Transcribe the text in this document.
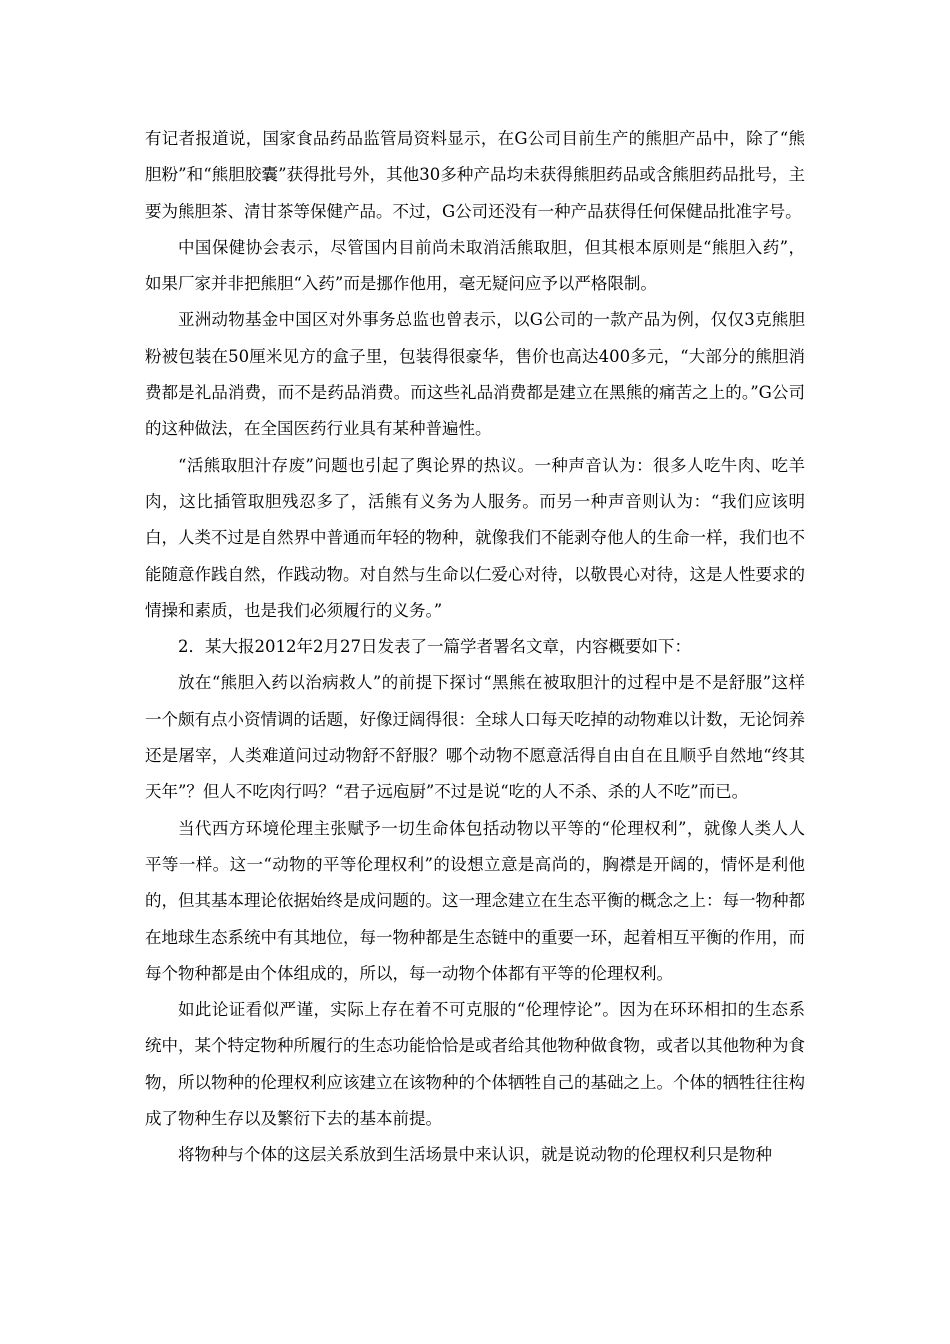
有记者报道说，国家食品药品监管局资料显示，在G公司目前生产的熊胆产品中，除了“熊胆粉”和“熊胆胶囊”获得批号外，其他30多种产品均未获得熊胆药品或含熊胆药品批号，主要为熊胆茶、清甘茶等保健产品。不过，G公司还没有一种产品获得任何保健品批准字号。

中国保健协会表示，尽管国内目前尚未取消活熊取胆，但其根本原则是“熊胆入药”，如果厂家并非把熊胆“入药”而是挪作他用，毫无疑问应予以严格限制。

亚洲动物基金中国区对外事务总监也曾表示，以G公司的一款产品为例，仅仅3克熊胆粉被包装在50厘米见方的盒子里，包装得很豪华，售价也高达400多元，“大部分的熊胆消费都是礼品消费，而不是药品消费。而这些礼品消费都是建立在黑熊的痛苦之上的。”G公司的这种做法，在全国医药行业具有某种普遍性。

“活熊取胆汁存废”问题也引起了舆论界的热议。一种声音认为：很多人吃牛肉、吃羊肉，这比插管取胆残忍多了，活熊有义务为人服务。而另一种声音则认为：“我们应该明白，人类不过是自然界中普通而年轻的物种，就像我们不能剥夺他人的生命一样，我们也不能随意作践自然，作践动物。对自然与生命以仁爱心对待，以敬畏心对待，这是人性要求的情操和素质，也是我们必须履行的义务。”

2．某大报2012年2月27日发表了一篇学者署名文章，内容概要如下：

放在“熊胆入药以治病救人”的前提下探讨“黑熊在被取胆汁的过程中是不是舒服”这样一个颇有点小资情调的话题，好像迂阔得很：全球人口每天吃掉的动物难以计数，无论饲养还是屠宰，人类难道问过动物舒不舒服？哪个动物不愿意活得自由自在且顺乎自然地“终其天年”？但人不吃肉行吗？“君子远庖厨”不过是说“吃的人不杀、杀的人不吃”而已。

当代西方环境伦理主张赋予一切生命体包括动物以平等的“伦理权利”，就像人类人人平等一样。这一“动物的平等伦理权利”的设想立意是高尚的，胸襟是开阔的，情怀是利他的，但其基本理论依据始终是成问题的。这一理念建立在生态平衡的概念之上：每一物种都在地球生态系统中有其地位，每一物种都是生态链中的重要一环，起着相互平衡的作用，而每个物种都是由个体组成的，所以，每一动物个体都有平等的伦理权利。

如此论证看似严谨，实际上存在着不可克服的“伦理悖论”。因为在环环相扣的生态系统中，某个特定物种所履行的生态功能恰恰是或者给其他物种做食物，或者以其他物种为食物，所以物种的伦理权利应该建立在该物种的个体牺牲自己的基础之上。个体的牺牲往往构成了物种生存以及繁衍下去的基本前提。

将物种与个体的这层关系放到生活场景中来认识，就是说动物的伦理权利只是物种
